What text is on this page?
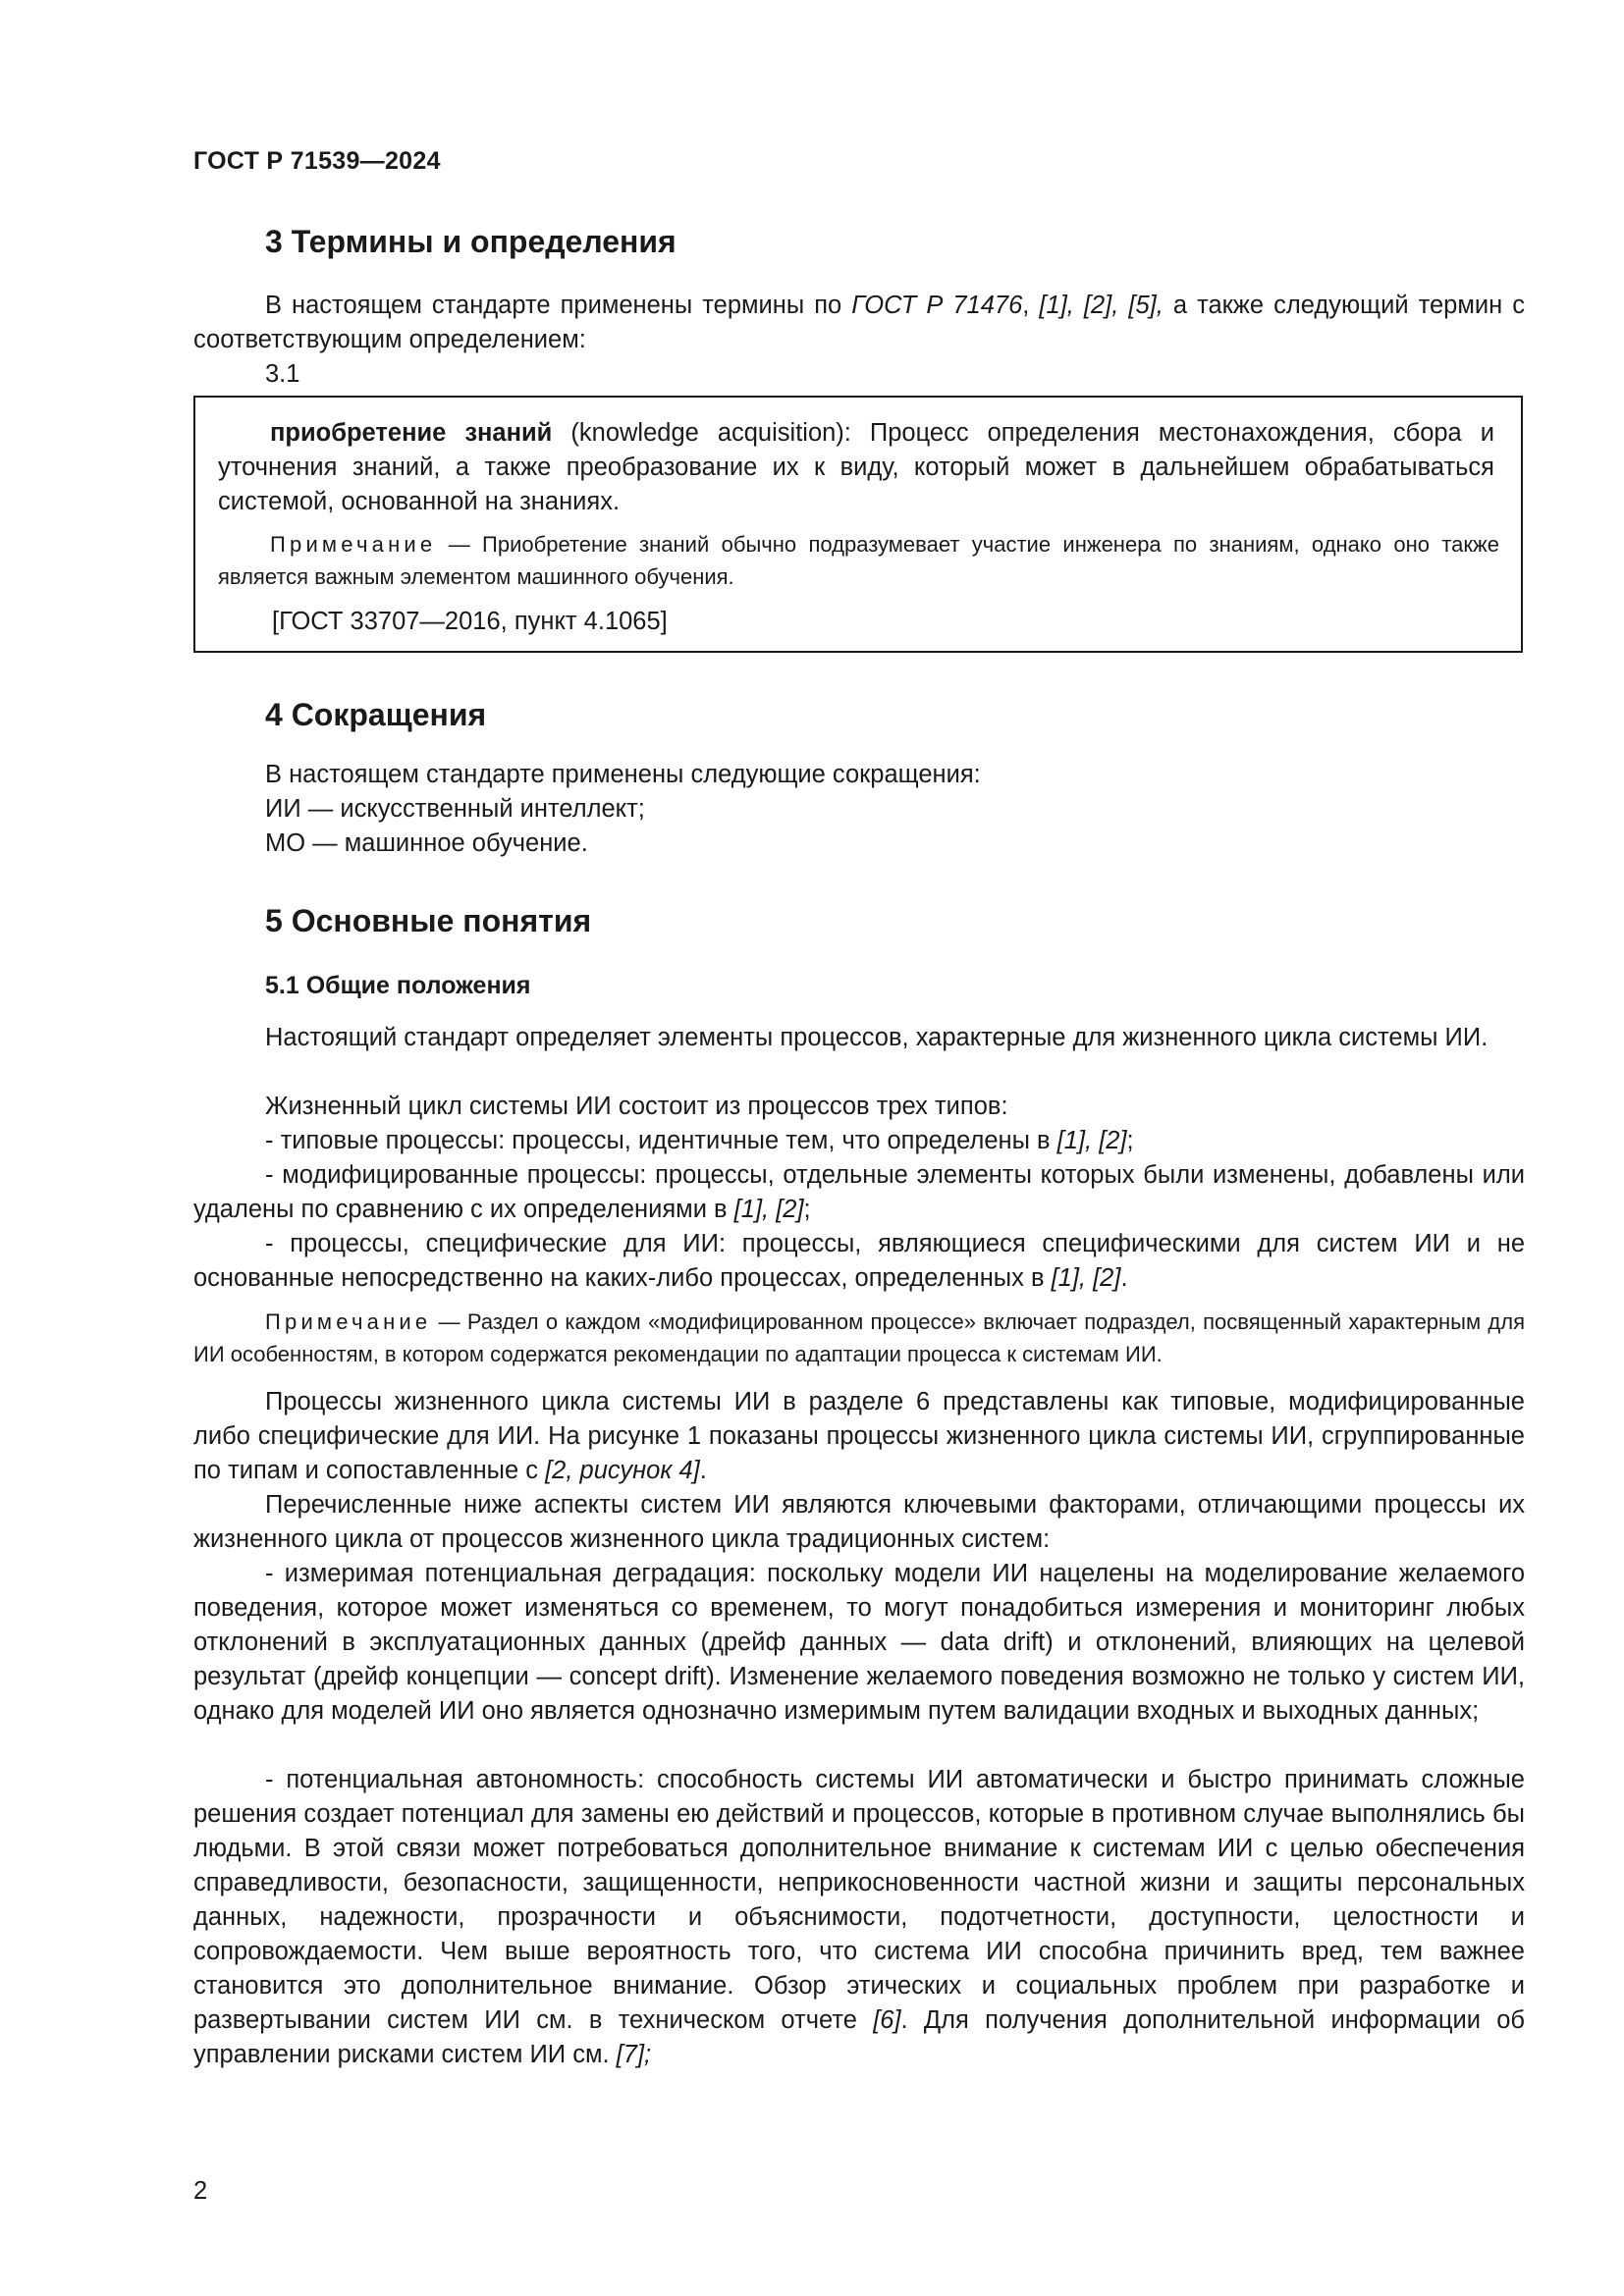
ГОСТ Р 71539—2024
3 Термины и определения
В настоящем стандарте применены термины по ГОСТ Р 71476, [1], [2], [5], а также следующий термин с соответствующим определением:
3.1
приобретение знаний (knowledge acquisition): Процесс определения местонахождения, сбора и уточнения знаний, а также преобразование их к виду, который может в дальнейшем обрабатываться системой, основанной на знаниях.
Примечание — Приобретение знаний обычно подразумевает участие инженера по знаниям, однако оно также является важным элементом машинного обучения.
[ГОСТ 33707—2016, пункт 4.1065]
4 Сокращения
В настоящем стандарте применены следующие сокращения:
ИИ — искусственный интеллект;
МО — машинное обучение.
5 Основные понятия
5.1 Общие положения
Настоящий стандарт определяет элементы процессов, характерные для жизненного цикла системы ИИ.
Жизненный цикл системы ИИ состоит из процессов трех типов:
- типовые процессы: процессы, идентичные тем, что определены в [1], [2];
- модифицированные процессы: процессы, отдельные элементы которых были изменены, добавлены или удалены по сравнению с их определениями в [1], [2];
- процессы, специфические для ИИ: процессы, являющиеся специфическими для систем ИИ и не основанные непосредственно на каких-либо процессах, определенных в [1], [2].
Примечание — Раздел о каждом «модифицированном процессе» включает подраздел, посвященный характерным для ИИ особенностям, в котором содержатся рекомендации по адаптации процесса к системам ИИ.
Процессы жизненного цикла системы ИИ в разделе 6 представлены как типовые, модифицированные либо специфические для ИИ. На рисунке 1 показаны процессы жизненного цикла системы ИИ, сгруппированные по типам и сопоставленные с [2, рисунок 4].
Перечисленные ниже аспекты систем ИИ являются ключевыми факторами, отличающими процессы их жизненного цикла от процессов жизненного цикла традиционных систем:
- измеримая потенциальная деградация: поскольку модели ИИ нацелены на моделирование желаемого поведения, которое может изменяться со временем, то могут понадобиться измерения и мониторинг любых отклонений в эксплуатационных данных (дрейф данных — data drift) и отклонений, влияющих на целевой результат (дрейф концепции — concept drift). Изменение желаемого поведения возможно не только у систем ИИ, однако для моделей ИИ оно является однозначно измеримым путем валидации входных и выходных данных;
- потенциальная автономность: способность системы ИИ автоматически и быстро принимать сложные решения создает потенциал для замены ею действий и процессов, которые в противном случае выполнялись бы людьми. В этой связи может потребоваться дополнительное внимание к системам ИИ с целью обеспечения справедливости, безопасности, защищенности, неприкосновенности частной жизни и защиты персональных данных, надежности, прозрачности и объяснимости, подотчетности, доступности, целостности и сопровождаемости. Чем выше вероятность того, что система ИИ способна причинить вред, тем важнее становится это дополнительное внимание. Обзор этических и социальных проблем при разработке и развертывании систем ИИ см. в техническом отчете [6]. Для получения дополнительной информации об управлении рисками систем ИИ см. [7];
2
